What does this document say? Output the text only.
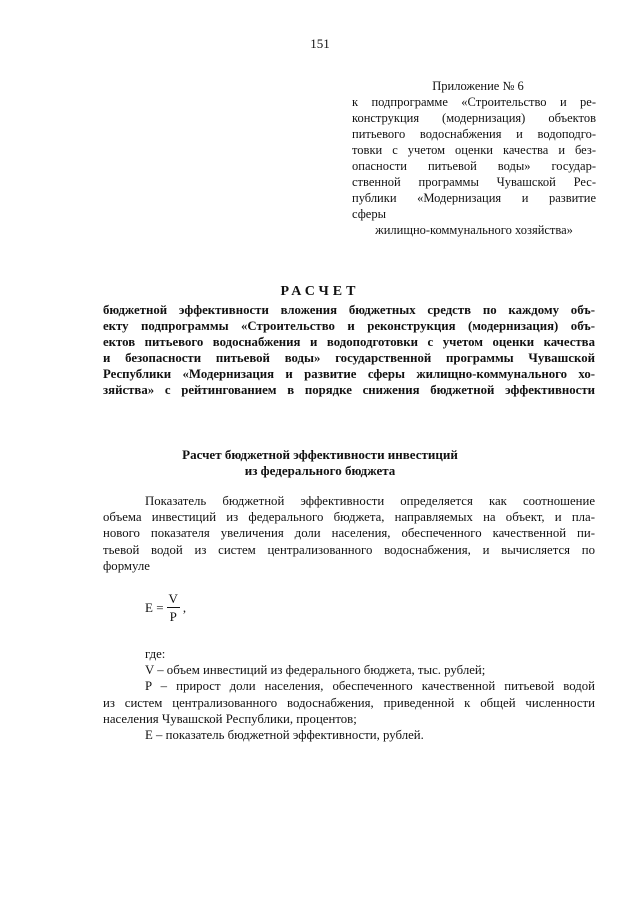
151
Приложение № 6
к подпрограмме «Строительство и ре-
конструкция (модернизация) объектов
питьевого водоснабжения и водоподго-
товки с учетом оценки качества и без-
опасности питьевой воды» государ-
ственной программы Чувашской Рес-
публики «Модернизация и развитие
сферы
жилищно-коммунального хозяйства»
РАСЧЕТ
бюджетной эффективности вложения бюджетных средств по каждому объ-
екту подпрограммы «Строительство и реконструкция (модернизация) объ-
ектов питьевого водоснабжения и водоподготовки с учетом оценки качества
и безопасности питьевой воды» государственной программы Чувашской
Республики «Модернизация и развитие сферы жилищно-коммунального хо-
зяйства» с рейтингованием в порядке снижения бюджетной эффективности
Расчет бюджетной эффективности инвестиций
из федерального бюджета
Показатель бюджетной эффективности определяется как соотношение
объема инвестиций из федерального бюджета, направляемых на объект, и пла-
нового показателя увеличения доли населения, обеспеченного качественной пи-
тьевой водой из систем централизованного водоснабжения, и вычисляется по
формуле
$E = \frac{V}{P}$ ,
где:
V – объем инвестиций из федерального бюджета, тыс. рублей;
P – прирост доли населения, обеспеченного качественной питьевой водой
из систем централизованного водоснабжения, приведенной к общей численности
населения Чувашской Республики, процентов;
E – показатель бюджетной эффективности, рублей.
